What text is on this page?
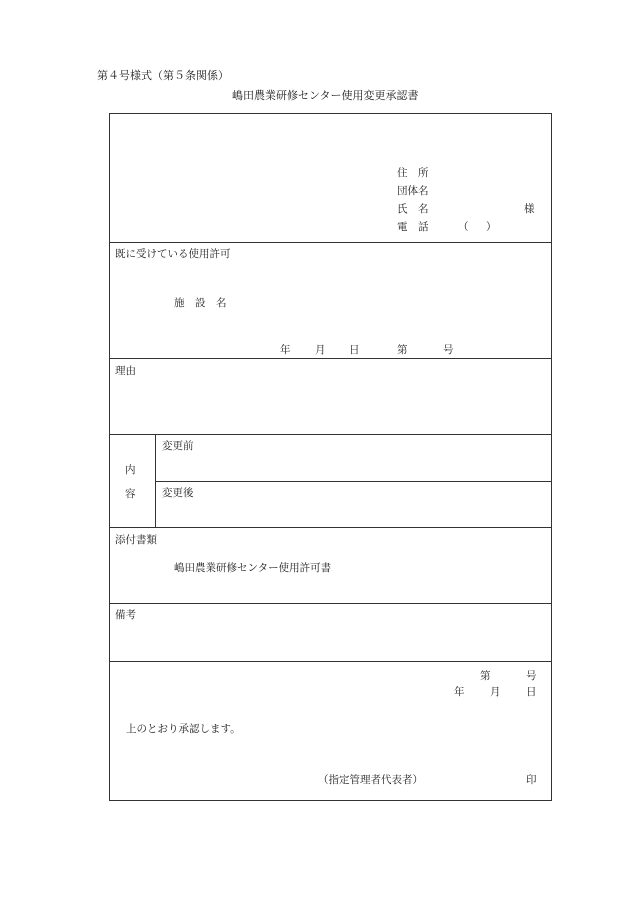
第４号様式（第５条関係）
嶋田農業研修センター使用変更承認書
住　所
団体名
氏　名	様
電　話	（ ）
既に受けている使用許可
施　設　名
年 月 日	第	号
理由
内
容
変更前
変更後
添付書類
嶋田農業研修センター使用許可書
備考
第	号
年 月 日
上のとおり承認します。
（指定管理者代表者）	印
